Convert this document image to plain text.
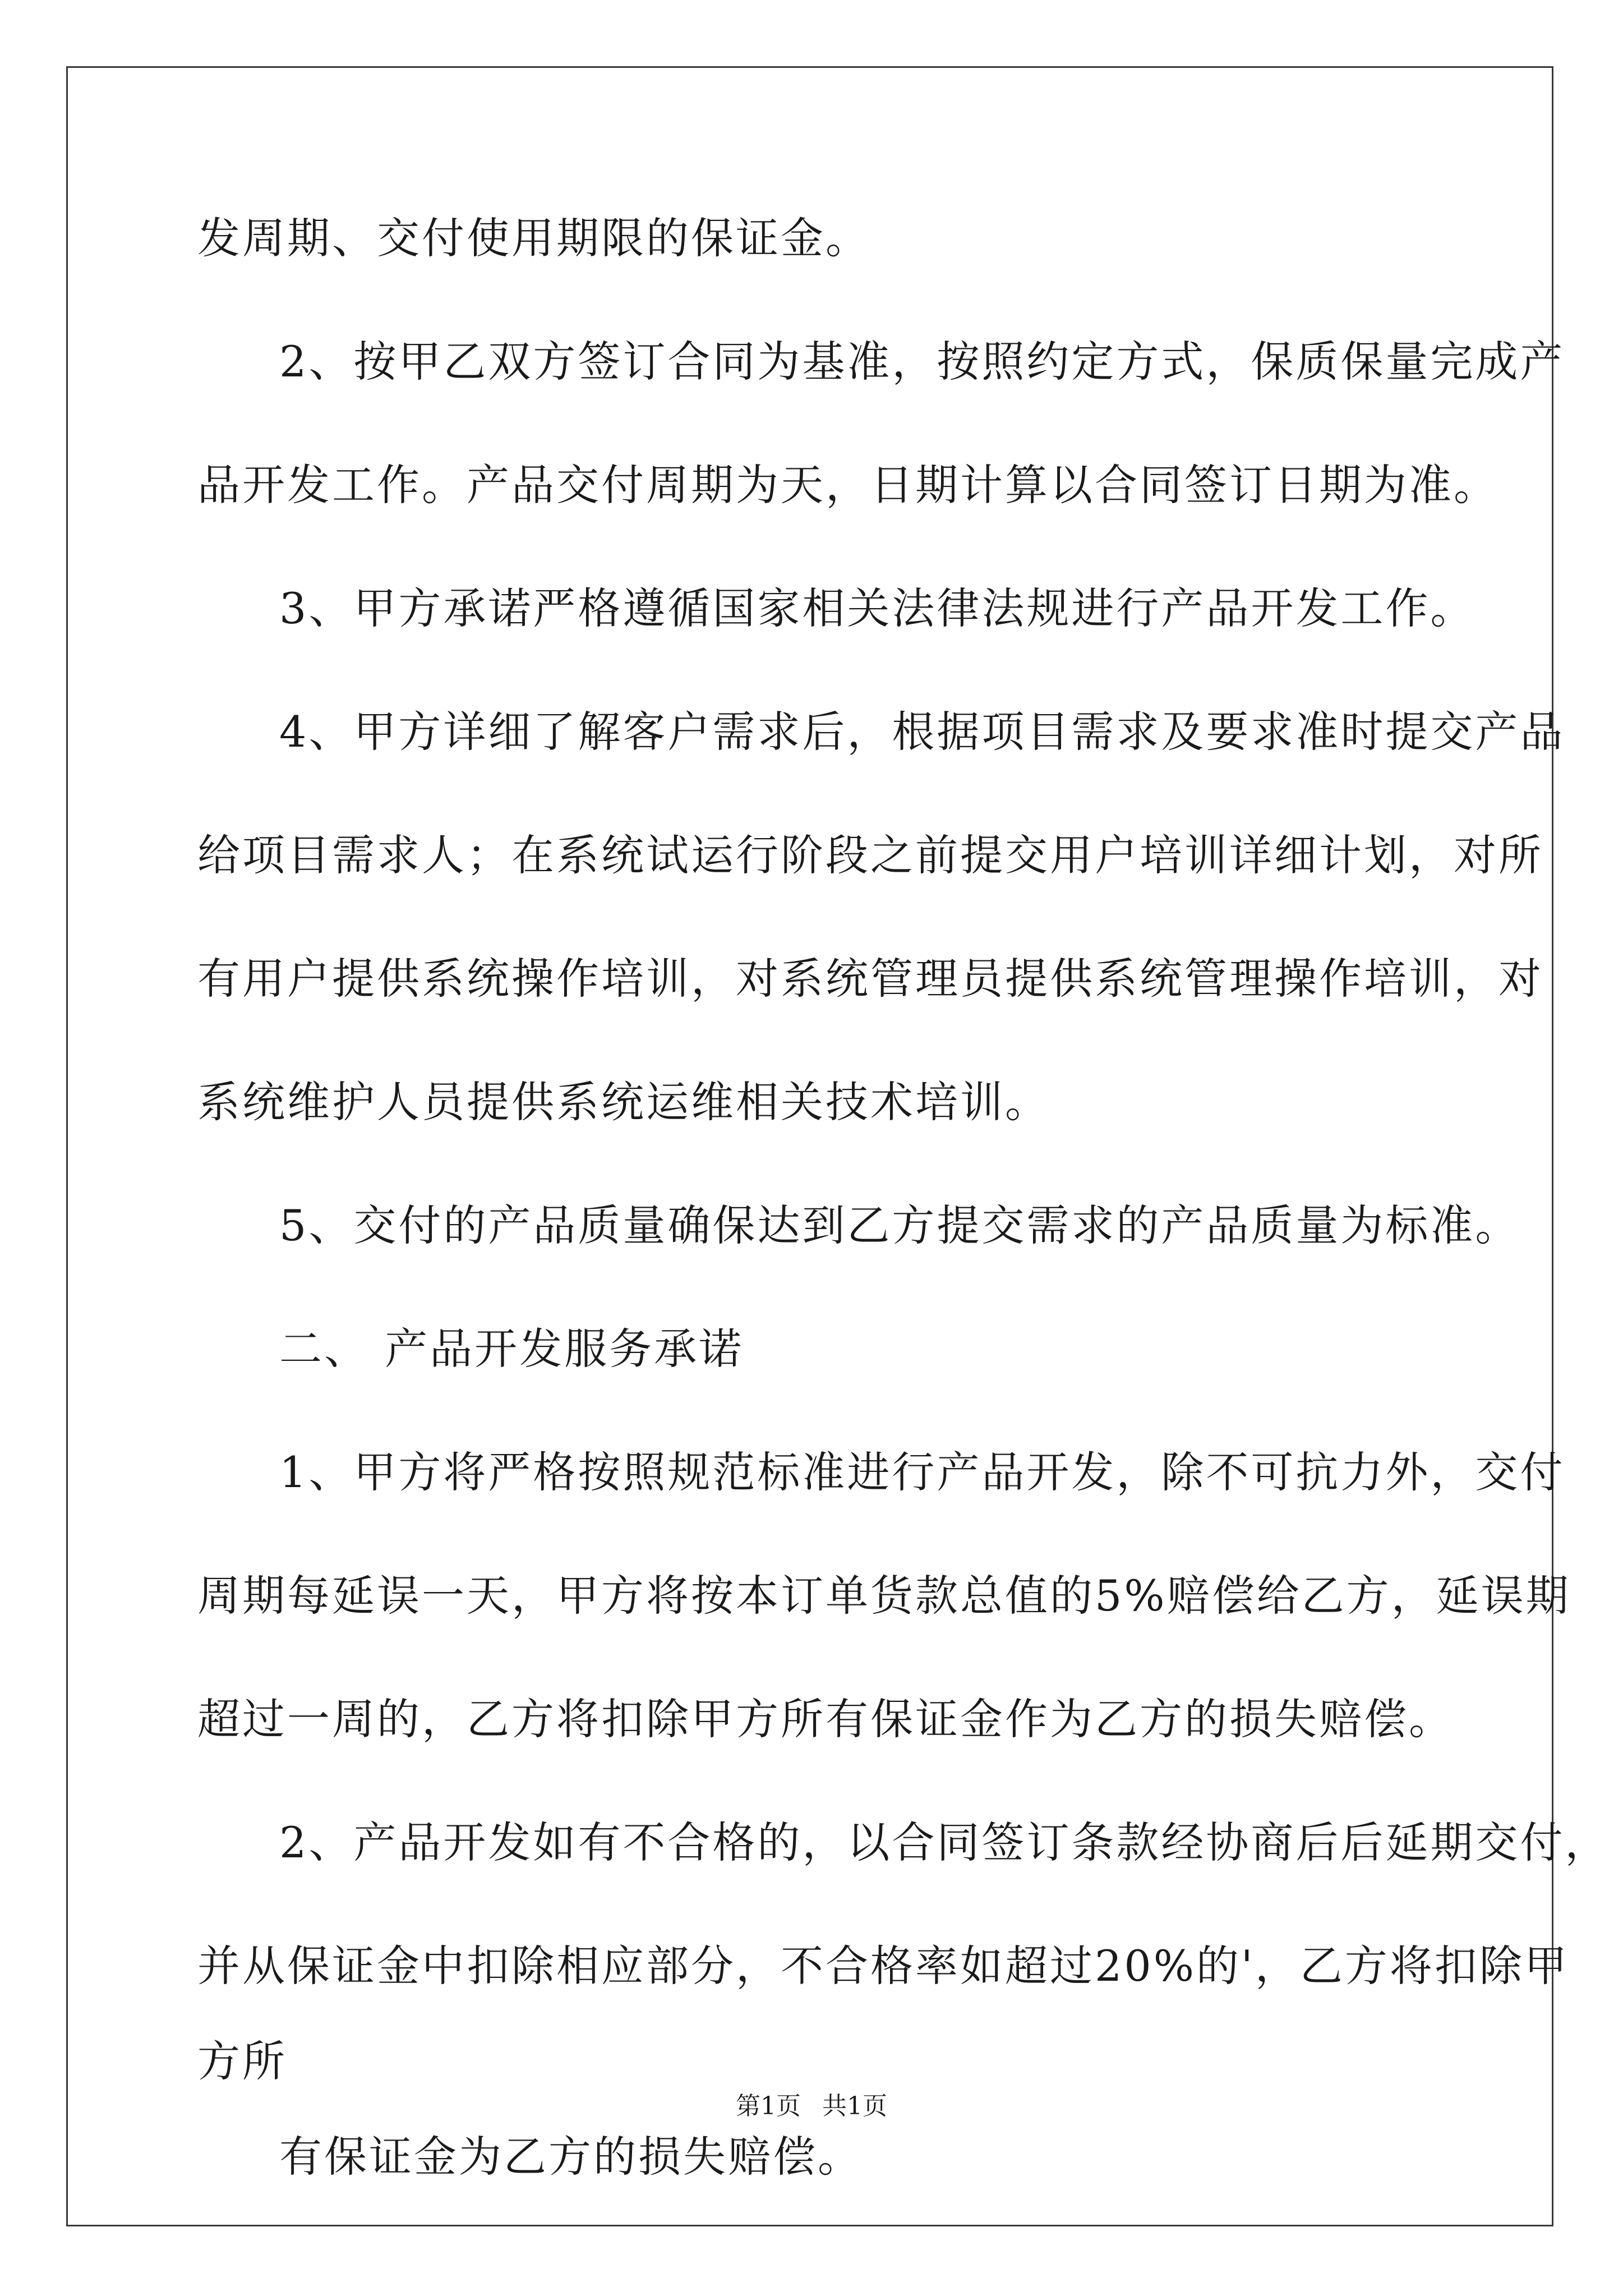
发周期、交付使用期限的保证金。
2、按甲乙双方签订合同为基准，按照约定方式，保质保量完成产
品开发工作。产品交付周期为天，日期计算以合同签订日期为准。
3、甲方承诺严格遵循国家相关法律法规进行产品开发工作。
4、甲方详细了解客户需求后，根据项目需求及要求准时提交产品
给项目需求人；在系统试运行阶段之前提交用户培训详细计划，对所
有用户提供系统操作培训，对系统管理员提供系统管理操作培训，对
系统维护人员提供系统运维相关技术培训。
5、交付的产品质量确保达到乙方提交需求的产品质量为标准。
二、 产品开发服务承诺
1、甲方将严格按照规范标准进行产品开发，除不可抗力外，交付
周期每延误一天，甲方将按本订单货款总值的5%赔偿给乙方，延误期
超过一周的，乙方将扣除甲方所有保证金作为乙方的损失赔偿。
2、产品开发如有不合格的，以合同签订条款经协商后后延期交付，
并从保证金中扣除相应部分，不合格率如超过20%的'，乙方将扣除甲
方所
有保证金为乙方的损失赔偿。
第1页 共1页
